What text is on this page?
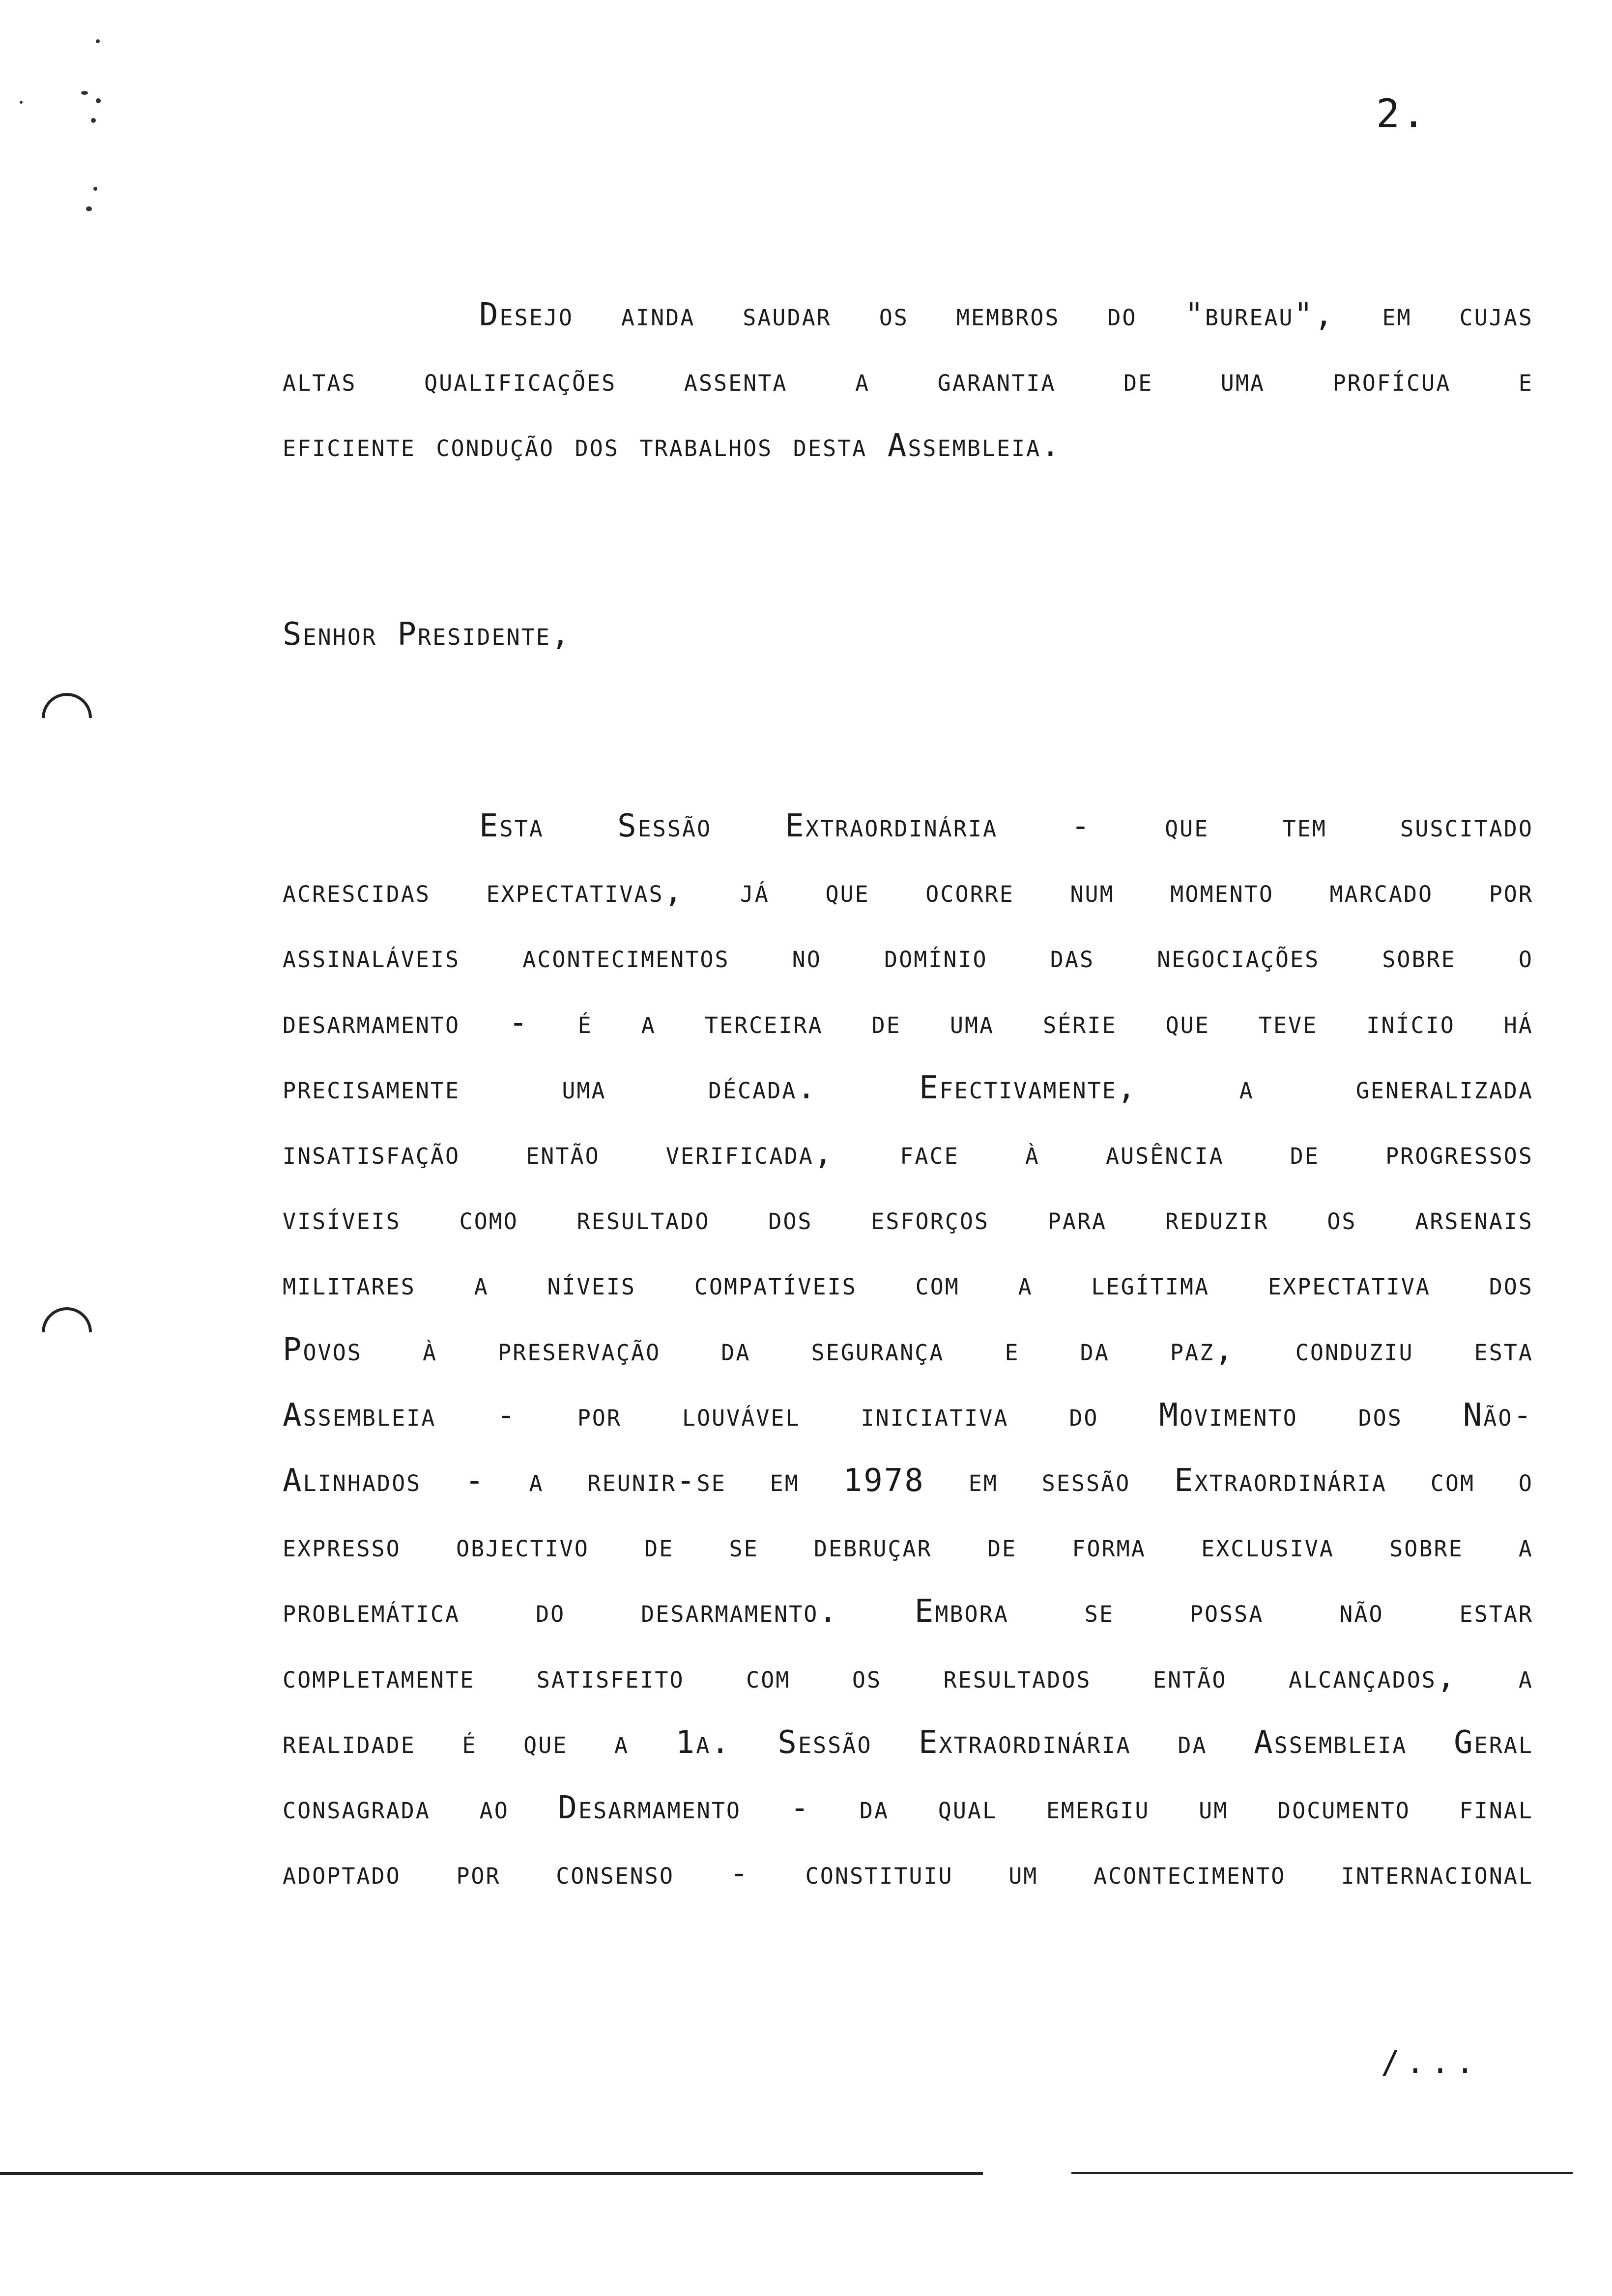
2.
Desejo ainda saudar os membros do "bureau", em cujas
altas qualificações assenta a garantia de uma profícua e
eficiente condução dos trabalhos desta Assembleia.
Senhor Presidente,
Esta Sessão Extraordinária - que tem suscitado
acrescidas expectativas, já que ocorre num momento marcado por
assinaláveis acontecimentos no domínio das negociações sobre o
desarmamento - é a terceira de uma série que teve início há
precisamente uma década. Efectivamente, a generalizada
insatisfação então verificada, face à ausência de progressos
visíveis como resultado dos esforços para reduzir os arsenais
militares a níveis compatíveis com a legítima expectativa dos
Povos à preservação da segurança e da paz, conduziu esta
Assembleia - por louvável iniciativa do Movimento dos Não-
Alinhados - a reunir-se em 1978 em sessão Extraordinária com o
expresso objectivo de se debruçar de forma exclusiva sobre a
problemática do desarmamento. Embora se possa não estar
completamente satisfeito com os resultados então alcançados, a
realidade é que a 1a. Sessão Extraordinária da Assembleia Geral
consagrada ao Desarmamento - da qual emergiu um documento final
adoptado por consenso - constituiu um acontecimento internacional
/...
